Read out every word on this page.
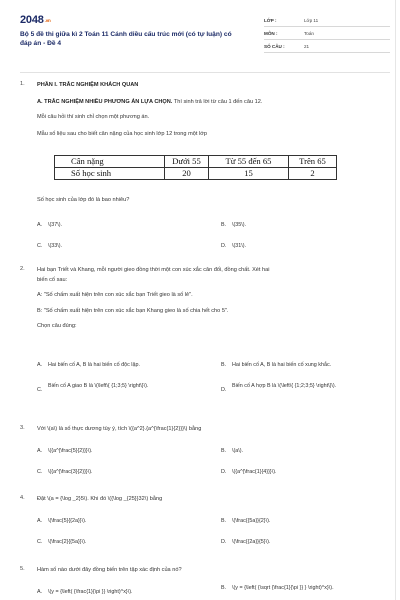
2048.vn
Bộ 5 đề thi giữa kì 2 Toán 11 Cánh diều cấu trúc mới (có tự luận) có đáp án - Đề 4
LỚP :	Lớp 11
MÔN :	Toán
SỐ CÂU :	21
1. PHẦN I. TRẮC NGHIỆM KHÁCH QUAN
A. TRẮC NGHIỆM NHIỀU PHƯƠNG ÁN LỰA CHỌN. Thí sinh trả lời từ câu 1 đến câu 12.
Mỗi câu hỏi thí sinh chỉ chọn một phương án.
Mẫu số liệu sau cho biết cân nặng của học sinh lớp 12 trong một lớp
Cân nặng	Dưới 55	Từ 55 đến 65	Trên 65
Số học sinh	20	15	2
Số học sinh của lớp đó là bao nhiêu?
A. \(37\).	B. \(35\).
C. \(33\).	D. \(31\).
2. Hai bạn Triết và Khang, mỗi người gieo đồng thời một con xúc xắc cân đối, đồng chất. Xét hai
biến cố sau:
A: "Số chấm xuất hiện trên con xúc xắc bạn Triết gieo là số lẻ".
B: "Số chấm xuất hiện trên con xúc xắc bạn Khang gieo là số chia hết cho 5".
Chọn câu đúng:
A. Hai biến cố A, B là hai biến cố độc lập.	B. Hai biến cố A, B là hai biến cố xung khắc.
C.
Biến cố A giao B là \(\left\{ {1;3;5} \right\}\).
D.
Biến cố A hợp B là \(\left\{ {1;2;3;5} \right\}\).
3. Với \(a\) là số thực dương tùy ý, tích \({a^2}.{a^{\frac{1}{2}}}\) bằng
A. \({a^{\frac{5}{2}}}\).	B. \(a\).
C. \({a^{\frac{3}{2}}}\).	D. \({a^{\frac{1}{4}}}\).
4. Đặt \(a = {\log _2}5\). Khi đó \({\log _{25}}32\) bằng
A. \(\frac{5}{{2a}}\).	B. \(\frac{{5a}}{2}\).
C. \(\frac{2}{{5a}}\).	D. \(\frac{{2a}}{5}\).
5. Hàm số nào dưới đây đồng biến trên tập xác định của nó?
A. \(y = {\left( {\frac{1}{\pi }} \right)^x}\).
B. \(y = {\left( {\sqrt {\frac{1}{\pi }} } \right)^x}\).
